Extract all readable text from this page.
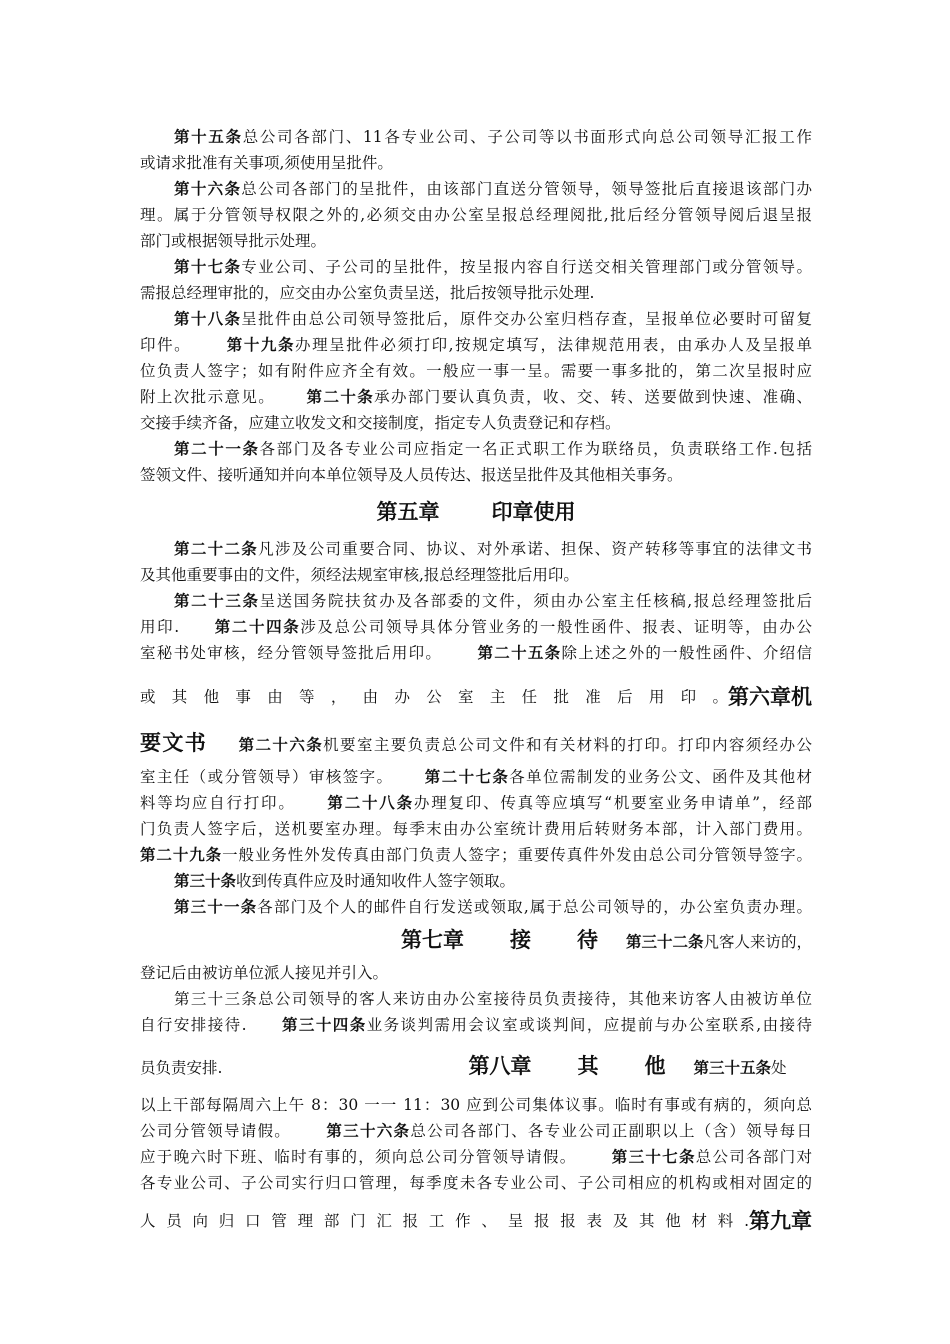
第十五条总公司各部门、11各专业公司、子公司等以书面形式向总公司领导汇报工作
或请求批准有关事项,须使用呈批件。
第十六条总公司各部门的呈批件，由该部门直送分管领导，领导签批后直接退该部门办
理。属于分管领导权限之外的,必须交由办公室呈报总经理阅批,批后经分管领导阅后退呈报
部门或根据领导批示处理。
第十七条专业公司、子公司的呈批件，按呈报内容自行送交相关管理部门或分管领导。
需报总经理审批的，应交由办公室负责呈送，批后按领导批示处理.
第十八条呈批件由总公司领导签批后，原件交办公室归档存查，呈报单位必要时可留复
印件。 第十九条办理呈批件必须打印,按规定填写，法律规范用表，由承办人及呈报单
位负责人签字；如有附件应齐全有效。一般应一事一呈。需要一事多批的，第二次呈报时应
附上次批示意见。 第二十条承办部门要认真负责，收、交、转、送要做到快速、准确、
交接手续齐备，应建立收发文和交接制度，指定专人负责登记和存档。
第二十一条各部门及各专业公司应指定一名正式职工作为联络员，负责联络工作.包括
签领文件、接听通知并向本单位领导及人员传达、报送呈批件及其他相关事务。
第五章 印章使用
第二十二条凡涉及公司重要合同、协议、对外承诺、担保、资产转移等事宜的法律文书
及其他重要事由的文件，须经法规室审核,报总经理签批后用印。
第二十三条呈送国务院扶贫办及各部委的文件，须由办公室主任核稿,报总经理签批后
用印. 第二十四条涉及总公司领导具体分管业务的一般性函件、报表、证明等，由办公
室秘书处审核，经分管领导签批后用印。 第二十五条除上述之外的一般性函件、介绍信
或其他事由等，由办公室主任批准后用印。 第六章机
要文书 第二十六条机要室主要负责总公司文件和有关材料的打印。打印内容须经办公
室主任（或分管领导）审核签字。 第二十七条各单位需制发的业务公文、函件及其他材
料等均应自行打印。 第二十八条办理复印、传真等应填写“机要室业务申请单”，经部
门负责人签字后，送机要室办理。每季末由办公室统计费用后转财务本部，计入部门费用。
第二十九条一般业务性外发传真由部门负责人签字；重要传真件外发由总公司分管领导签字。
第三十条收到传真件应及时通知收件人签字领取。
第三十一条各部门及个人的邮件自行发送或领取,属于总公司领导的，办公室负责办理。
第七章 接 待 第三十二条凡客人来访的，
登记后由被访单位派人接见并引入。
第三十三条总公司领导的客人来访由办公室接待员负责接待，其他来访客人由被访单位
自行安排接待. 第三十四条业务谈判需用会议室或谈判间，应提前与办公室联系,由接待
员负责安排.	第八章 其 他 第三十五条处
以上干部每隔周六上午 8：30 一一 11：30 应到公司集体议事。临时有事或有病的，须向总
公司分管领导请假。 第三十六条总公司各部门、各专业公司正副职以上（含）领导每日
应于晚六时下班、临时有事的，须向总公司分管领导请假。 第三十七条总公司各部门对
各专业公司、子公司实行归口管理，每季度未各专业公司、子公司相应的机构或相对固定的
人员向归口管理部门汇报工作、呈报报表及其他材料. 第九章
